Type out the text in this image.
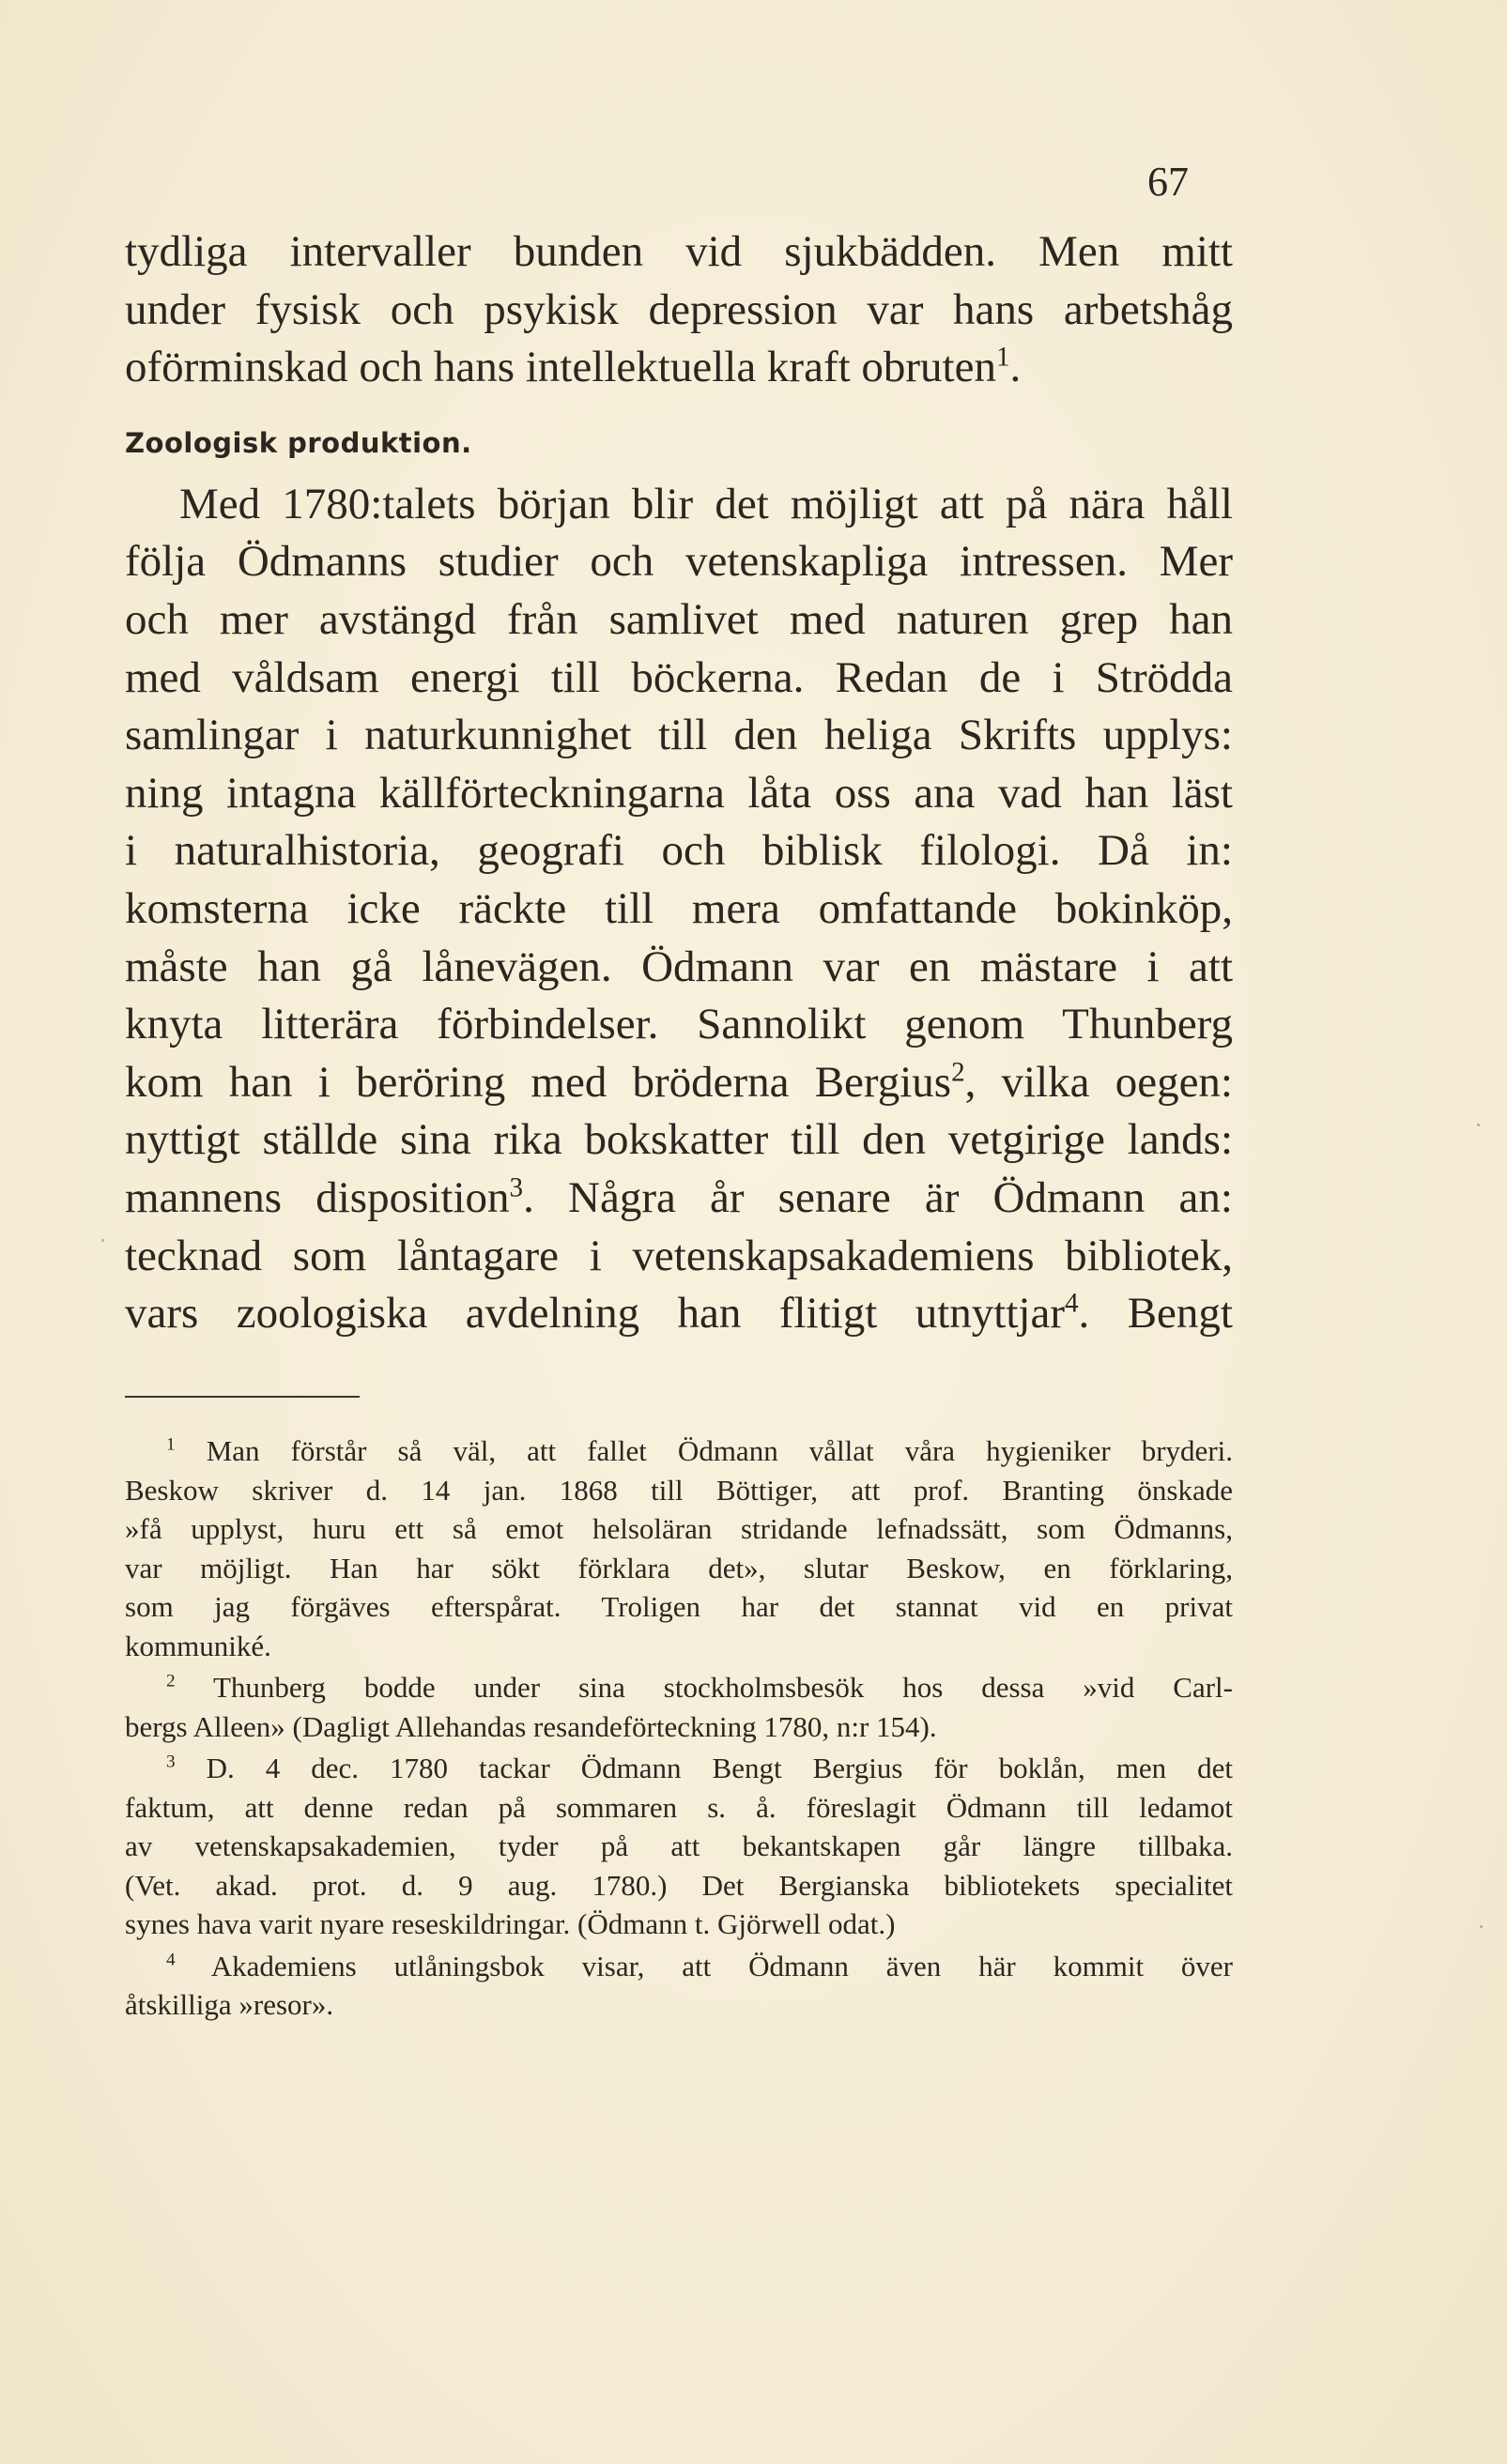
67
tydliga intervaller bunden vid sjukbädden. Men mitt
under fysisk och psykisk depression var hans arbetshåg
oförminskad och hans intellektuella kraft obruten$^1$.
Zoologisk produktion.
Med 1780:talets början blir det möjligt att på nära håll
följa Ödmanns studier och vetenskapliga intressen. Mer
och mer avstängd från samlivet med naturen grep han
med våldsam energi till böckerna. Redan de i Strödda
samlingar i naturkunnighet till den heliga Skrifts upplys:
ning intagna källförteckningarna låta oss ana vad han läst
i naturalhistoria, geografi och biblisk filologi. Då in:
komsterna icke räckte till mera omfattande bokinköp,
måste han gå lånevägen. Ödmann var en mästare i att
knyta litterära förbindelser. Sannolikt genom Thunberg
kom han i beröring med bröderna Bergius$^2$, vilka oegen:
nyttigt ställde sina rika bokskatter till den vetgirige lands:
mannens disposition$^3$. Några år senare är Ödmann an:
tecknad som låntagare i vetenskapsakademiens bibliotek,
vars zoologiska avdelning han flitigt utnyttjar$^4$. Bengt
$^1$ Man förstår så väl, att fallet Ödmann vållat våra hygieniker bryderi.
Beskow skriver d. 14 jan. 1868 till Böttiger, att prof. Branting önskade
»få upplyst, huru ett så emot helsoläran stridande lefnadssätt, som Ödmanns,
var möjligt. Han har sökt förklara det», slutar Beskow, en förklaring,
som jag förgäves efterspårat. Troligen har det stannat vid en privat
kommuniké.
$^2$ Thunberg bodde under sina stockholmsbesök hos dessa »vid Carl-
bergs Alleen» (Dagligt Allehandas resandeförteckning 1780, n:r 154).
$^3$ D. 4 dec. 1780 tackar Ödmann Bengt Bergius för boklån, men det
faktum, att denne redan på sommaren s. å. föreslagit Ödmann till ledamot
av vetenskapsakademien, tyder på att bekantskapen går längre tillbaka.
(Vet. akad. prot. d. 9 aug. 1780.) Det Bergianska bibliotekets specialitet
synes hava varit nyare reseskildringar. (Ödmann t. Gjörwell odat.)
$^4$ Akademiens utlåningsbok visar, att Ödmann även här kommit över
åtskilliga »resor».
